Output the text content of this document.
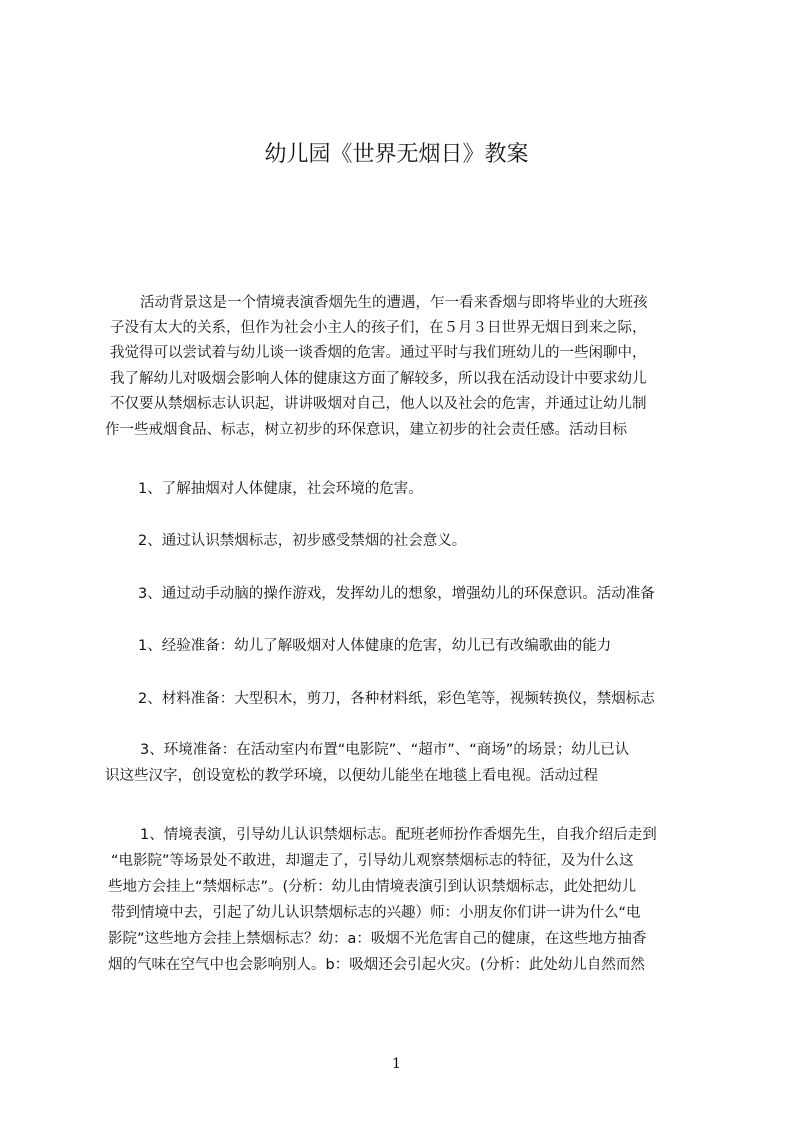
幼儿园《世界无烟日》教案
活动背景这是一个情境表演香烟先生的遭遇，乍一看来香烟与即将毕业的大班孩
子没有太大的关系，但作为社会小主人的孩子们，在５月３日世界无烟日到来之际，
我觉得可以尝试着与幼儿谈一谈香烟的危害。通过平时与我们班幼儿的一些闲聊中，
我了解幼儿对吸烟会影响人体的健康这方面了解较多，所以我在活动设计中要求幼儿
不仅要从禁烟标志认识起，讲讲吸烟对自己，他人以及社会的危害，并通过让幼儿制
作一些戒烟食品、标志，树立初步的环保意识，建立初步的社会责任感。活动目标
1、了解抽烟对人体健康，社会环境的危害。
2、通过认识禁烟标志，初步感受禁烟的社会意义。
3、通过动手动脑的操作游戏，发挥幼儿的想象，增强幼儿的环保意识。活动准备
1、经验准备：幼儿了解吸烟对人体健康的危害，幼儿已有改编歌曲的能力
2、材料准备：大型积木，剪刀，各种材料纸，彩色笔等，视频转换仪，禁烟标志
3、环境准备：在活动室内布置“电影院”、“超市”、“商场”的场景；幼儿已认
识这些汉字，创设宽松的教学环境，以便幼儿能坐在地毯上看电视。活动过程
1、情境表演，引导幼儿认识禁烟标志。配班老师扮作香烟先生，自我介绍后走到
“电影院”等场景处不敢进，却遛走了，引导幼儿观察禁烟标志的特征，及为什么这
些地方会挂上“禁烟标志”。(分析：幼儿由情境表演引到认识禁烟标志，此处把幼儿
带到情境中去，引起了幼儿认识禁烟标志的兴趣）师：小朋友你们讲一讲为什么“电
影院”这些地方会挂上禁烟标志？幼：a：吸烟不光危害自己的健康，在这些地方抽香
烟的气味在空气中也会影响别人。b：吸烟还会引起火灾。(分析：此处幼儿自然而然
1
